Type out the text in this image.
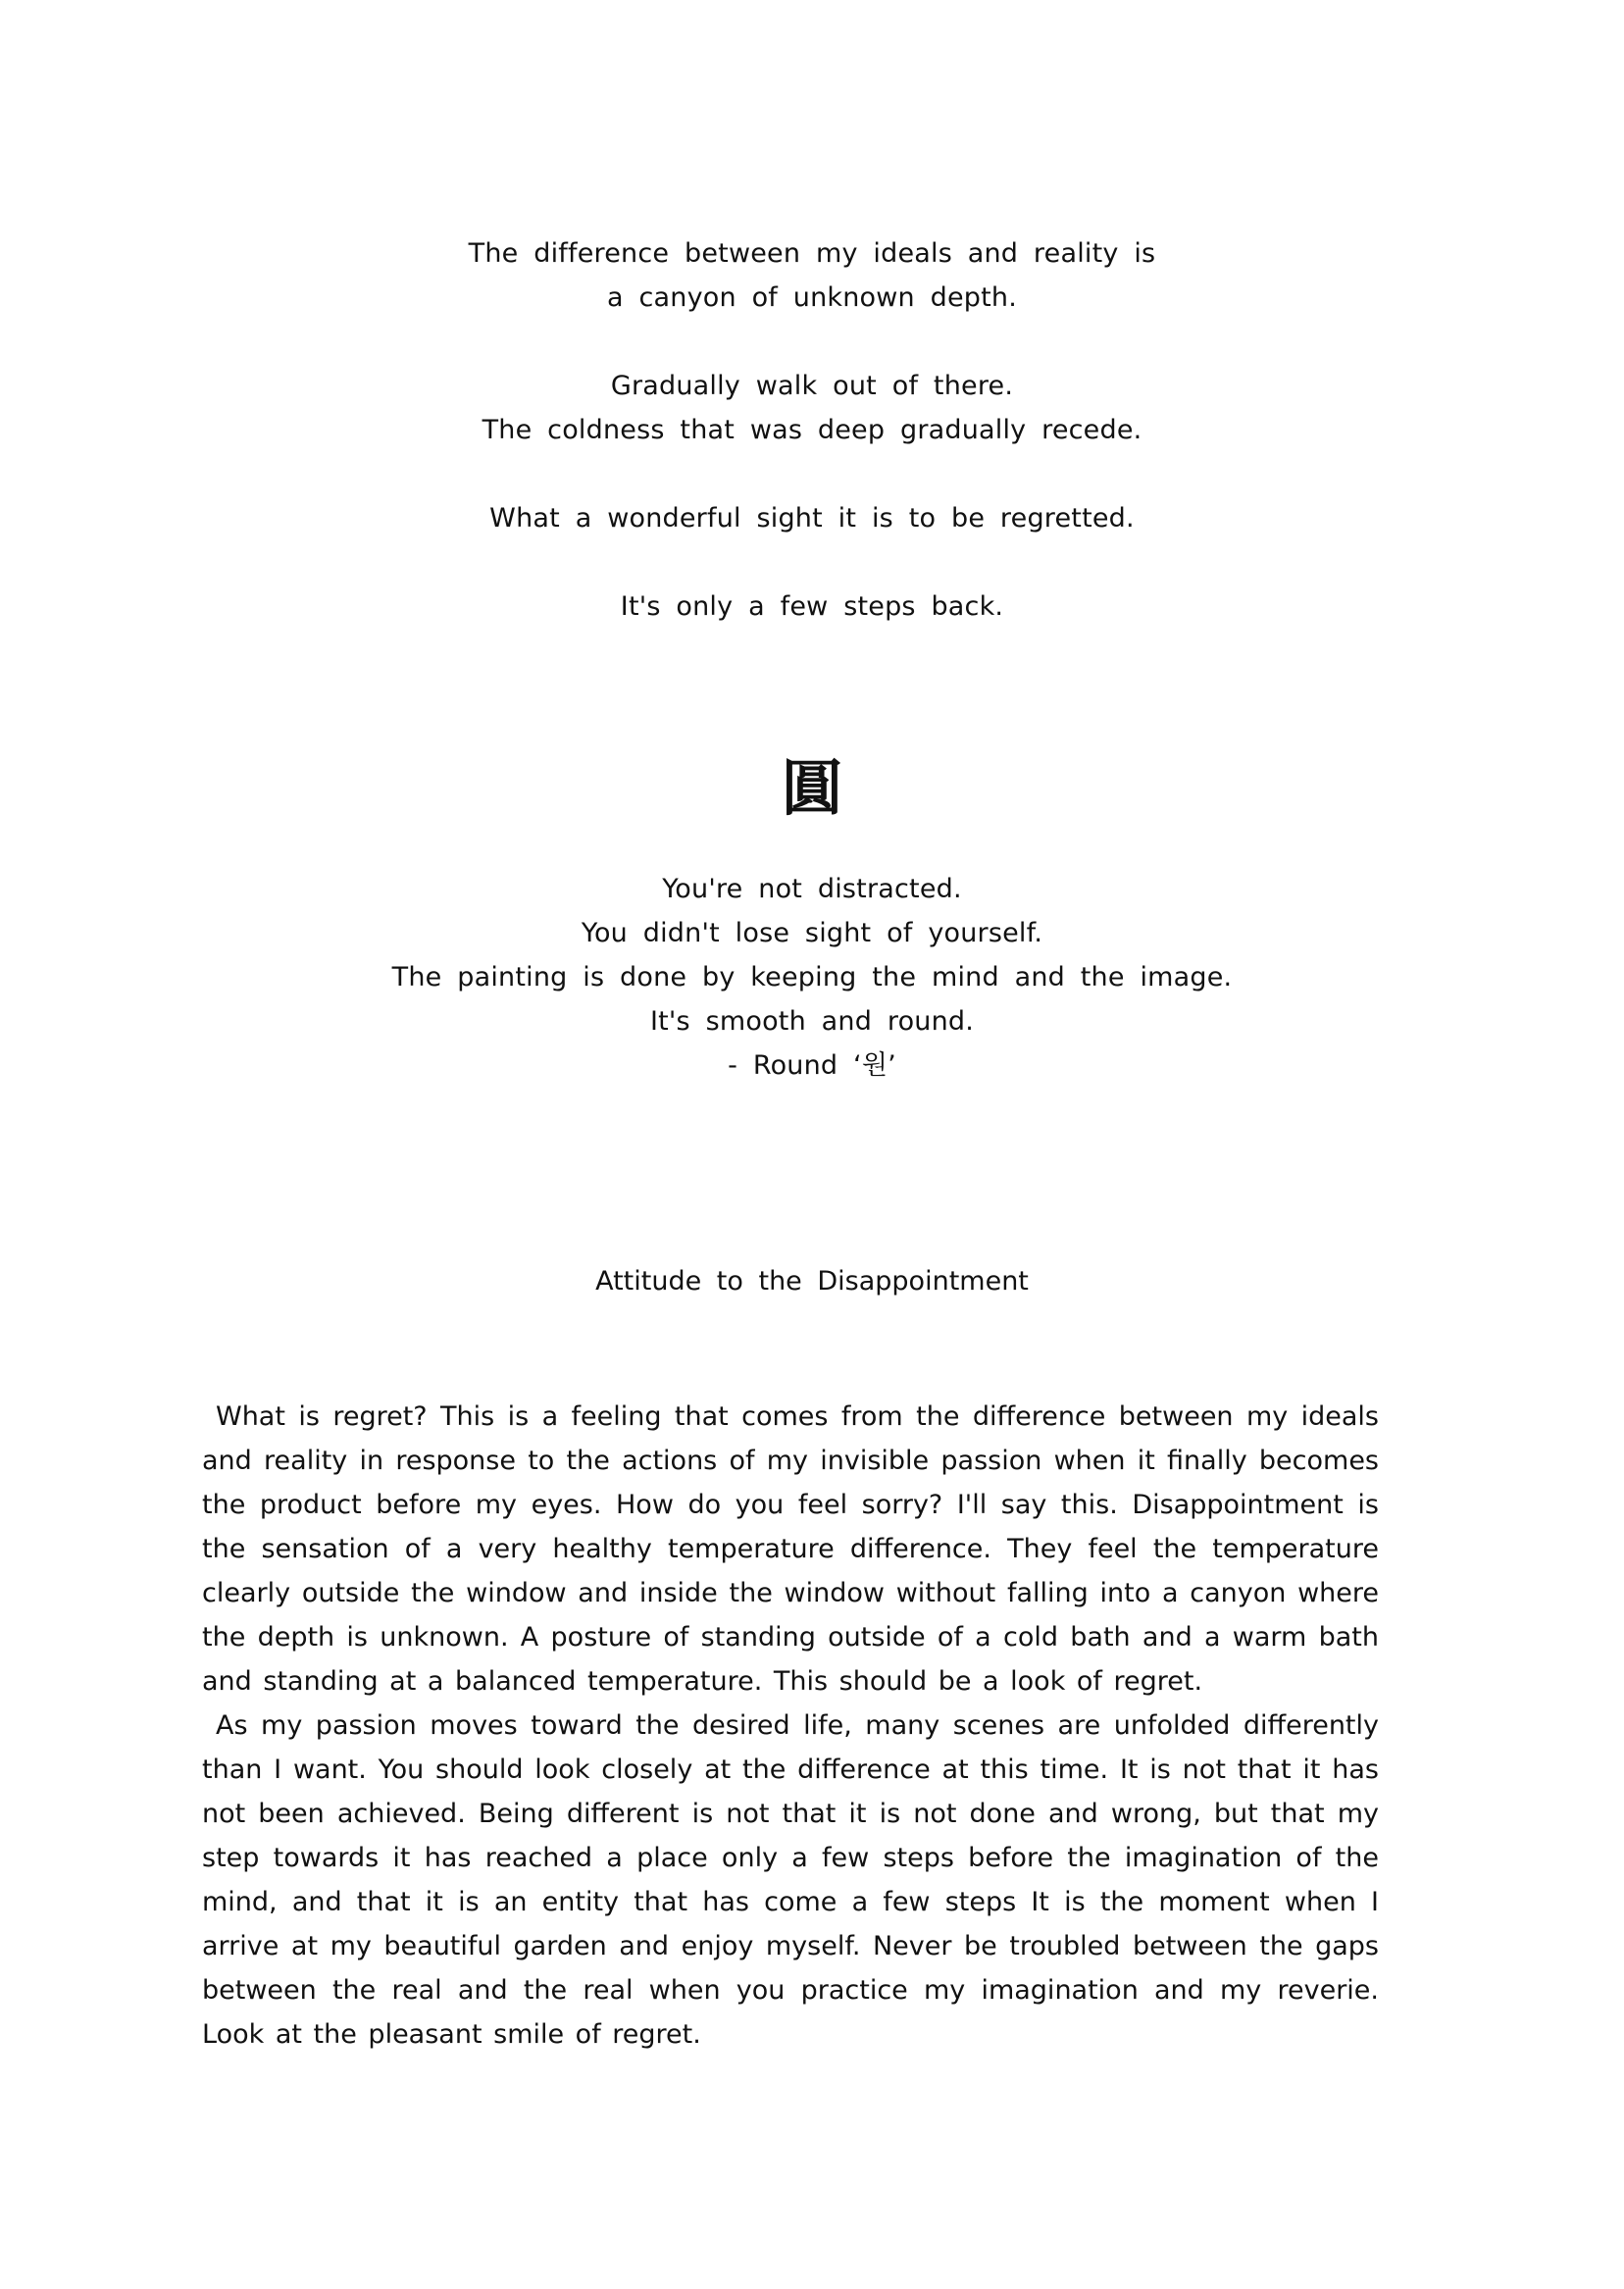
The difference between my ideals and reality is

a canyon of unknown depth.

Gradually walk out of there.

The coldness that was deep gradually recede.

What a wonderful sight it is to be regretted.

It's only a few steps back.

圓

You're not distracted.

You didn't lose sight of yourself.

The painting is done by keeping the mind and the image.

It's smooth and round.

- Round ‘원’

Attitude to the Disappointment

What is regret? This is a feeling that comes from the difference between my ideals and reality in response to the actions of my invisible passion when it finally becomes the product before my eyes. How do you feel sorry? I'll say this. Disappointment is the sensation of a very healthy temperature difference. They feel the temperature clearly outside the window and inside the window without falling into a canyon where the depth is unknown. A posture of standing outside of a cold bath and a warm bath and standing at a balanced temperature. This should be a look of regret.

As my passion moves toward the desired life, many scenes are unfolded differently than I want. You should look closely at the difference at this time. It is not that it has not been achieved. Being different is not that it is not done and wrong, but that my step towards it has reached a place only a few steps before the imagination of the mind, and that it is an entity that has come a few steps It is the moment when I arrive at my beautiful garden and enjoy myself. Never be troubled between the gaps between the real and the real when you practice my imagination and my reverie. Look at the pleasant smile of regret.
